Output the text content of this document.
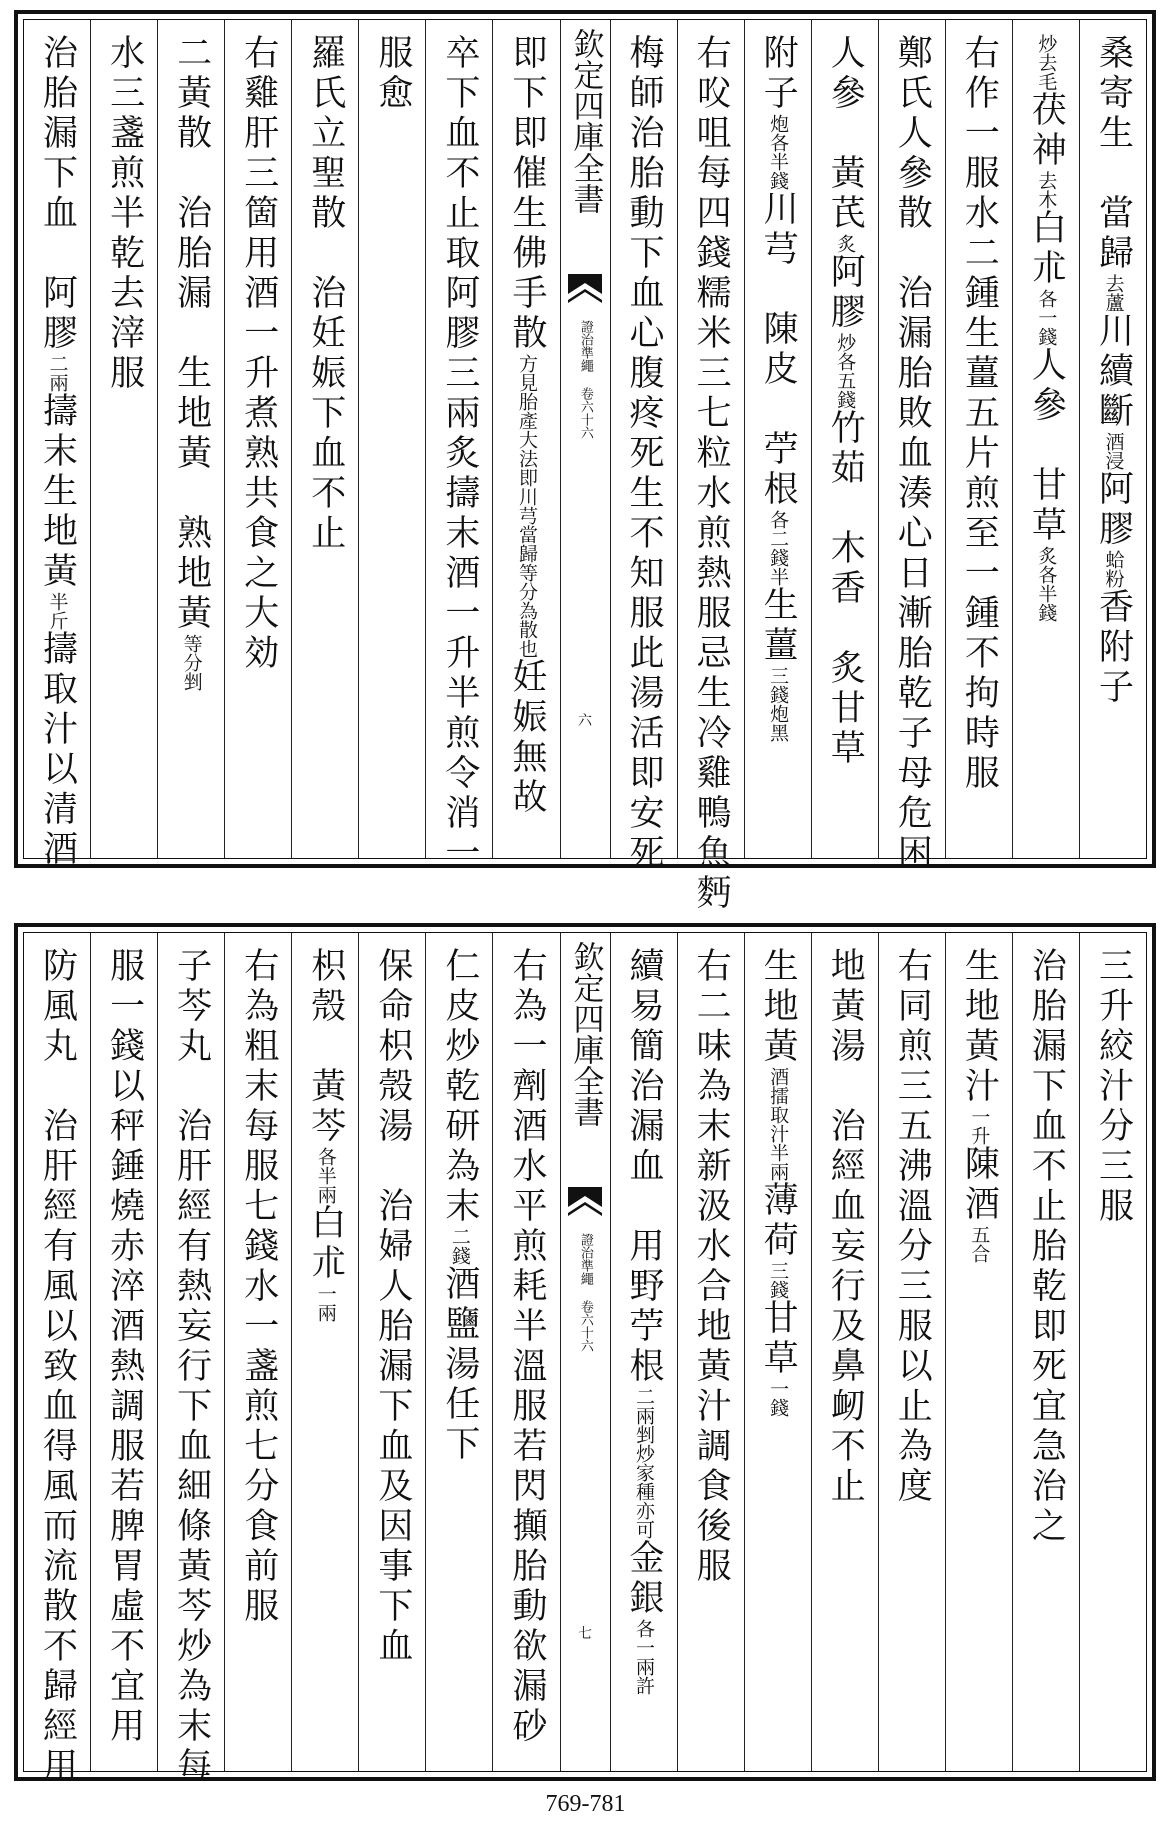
桑寄生　當歸去蘆川續斷酒浸阿膠蛤粉香附子
炒去毛茯神去木白朮各一錢人參　甘草炙各半錢
右作一服水二鍾生薑五片煎至一鍾不拘時服
鄭氏人參散　治漏胎敗血湊心日漸胎乾子母危困
人參　黃芪炙阿膠炒各五錢竹茹　木香　炙甘草
附子炮各半錢川芎　陳皮　苧根各二錢半生薑三錢炮黑
右㕮咀每四錢糯米三七粒水煎熱服忌生冷雞鴨魚麪
梅師治胎動下血心腹疼死生不知服此湯活即安死
欽定四庫全書
證治準繩 卷六十六
六
即下即催生佛手散方見胎產大法即川芎當歸等分為散也妊娠無故
卒下血不止取阿膠三兩炙擣末酒一升半煎令消一
服愈
羅氏立聖散　治妊娠下血不止
右雞肝三箇用酒一升煮熟共食之大効
二黃散　治胎漏　生地黃　熟地黃等分剉
水三盞煎半乾去滓服
治胎漏下血　阿膠二兩擣末生地黃半斤擣取汁以清酒
三升絞汁分三服
治胎漏下血不止胎乾即死宜急治之
生地黃汁一升陳酒五合
右同煎三五沸溫分三服以止為度
地黃湯　治經血妄行及鼻衂不止
生地黃酒擂取汁半兩薄荷三錢甘草一錢
右二味為末新汲水合地黃汁調食後服
續易簡治漏血　用野苧根二兩剉炒家種亦可金銀各一兩許
欽定四庫全書
證治準繩 卷六十六
七
右為一劑酒水平煎耗半溫服若閃攧胎動欲漏砂
仁皮炒乾研為末二錢酒鹽湯任下
保命枳殼湯　治婦人胎漏下血及因事下血
枳殼　黃芩各半兩白朮一兩
右為粗末每服七錢水一盞煎七分食前服
子芩丸　治肝經有熱妄行下血細條黃芩炒為末每
服一錢以秤錘燒赤淬酒熱調服若脾胃虛不宜用
防風丸　治肝經有風以致血得風而流散不歸經用
769-781
